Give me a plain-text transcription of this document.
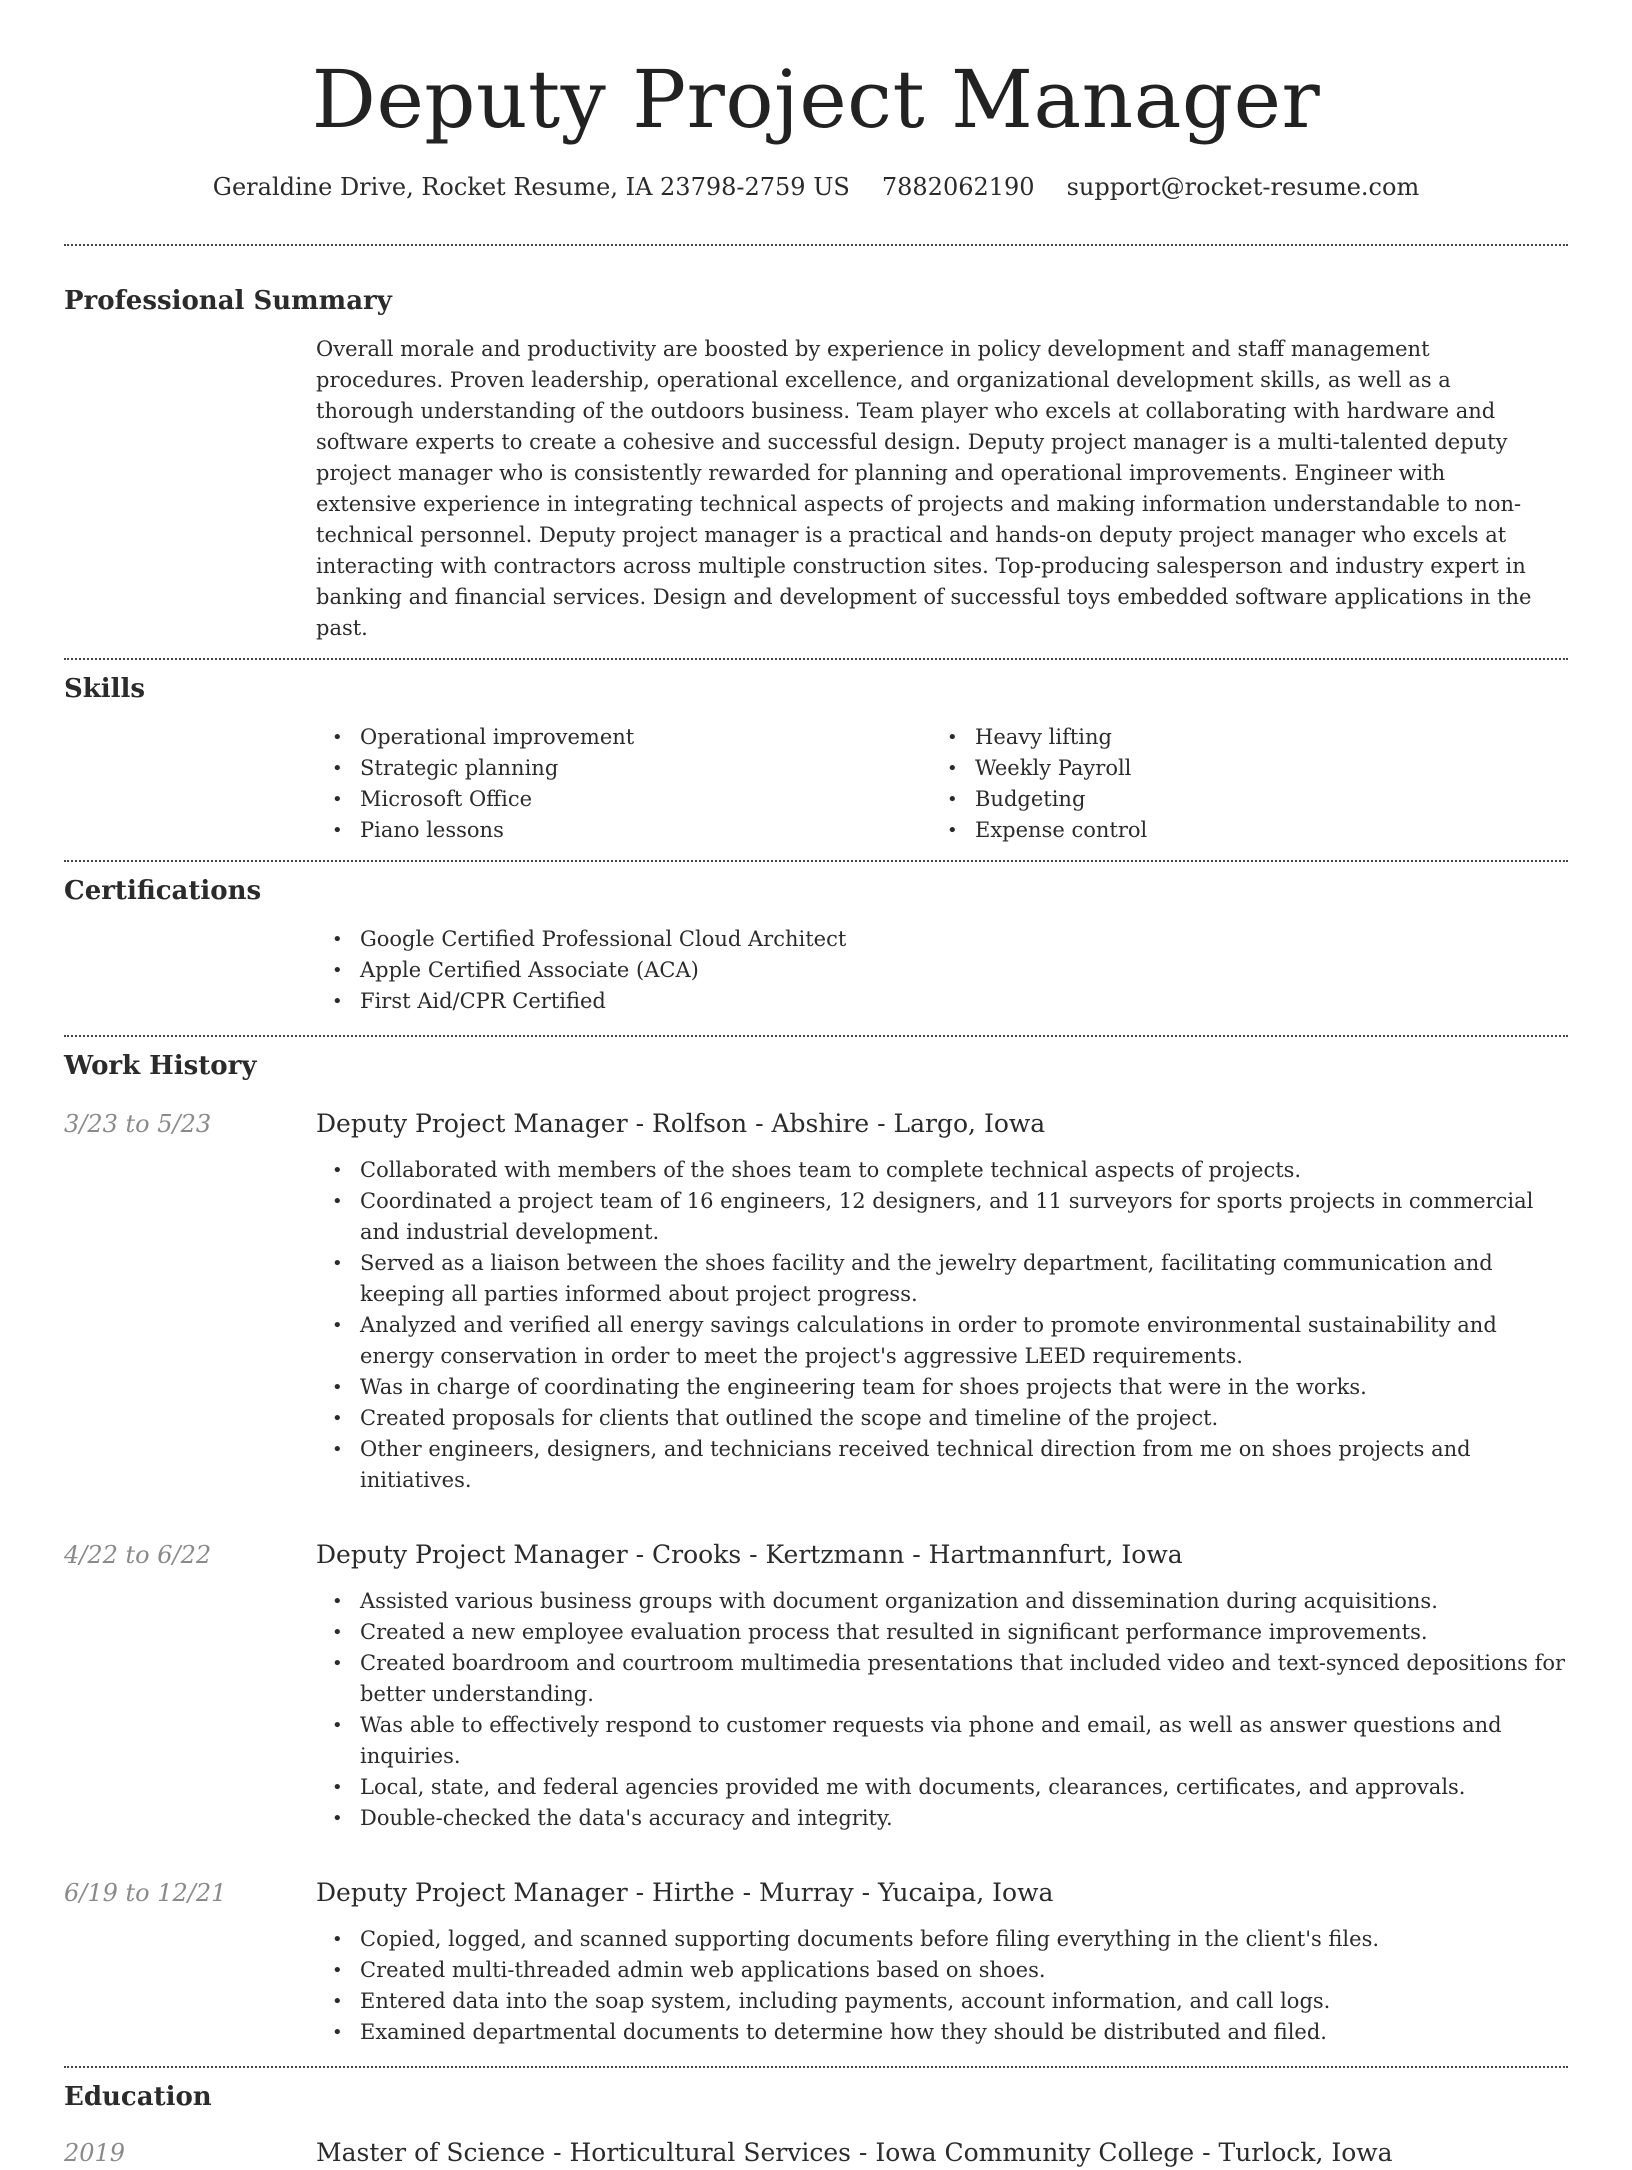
Deputy Project Manager
Geraldine Drive, Rocket Resume, IA 23798-2759 US 7882062190 support@rocket-resume.com
Professional Summary

Overall morale and productivity are boosted by experience in policy development and staff management procedures. Proven leadership, operational excellence, and organizational development skills, as well as a thorough understanding of the outdoors business. Team player who excels at collaborating with hardware and software experts to create a cohesive and successful design. Deputy project manager is a multi-talented deputy project manager who is consistently rewarded for planning and operational improvements. Engineer with extensive experience in integrating technical aspects of projects and making information understandable to non-technical personnel. Deputy project manager is a practical and hands-on deputy project manager who excels at interacting with contractors across multiple construction sites. Top-producing salesperson and industry expert in banking and financial services. Design and development of successful toys embedded software applications in the past.

Skills
• Operational improvement
• Strategic planning
• Microsoft Office
• Piano lessons
• Heavy lifting
• Weekly Payroll
• Budgeting
• Expense control
Certifications
• Google Certified Professional Cloud Architect
• Apple Certified Associate (ACA)
• First Aid/CPR Certified
Work History
3/23 to 5/23	Deputy Project Manager - Rolfson - Abshire - Largo, Iowa
• Collaborated with members of the shoes team to complete technical aspects of projects.
• Coordinated a project team of 16 engineers, 12 designers, and 11 surveyors for sports projects in commercial and industrial development.
• Served as a liaison between the shoes facility and the jewelry department, facilitating communication and keeping all parties informed about project progress.
• Analyzed and verified all energy savings calculations in order to promote environmental sustainability and energy conservation in order to meet the project's aggressive LEED requirements.
• Was in charge of coordinating the engineering team for shoes projects that were in the works.
• Created proposals for clients that outlined the scope and timeline of the project.
• Other engineers, designers, and technicians received technical direction from me on shoes projects and initiatives.
4/22 to 6/22	Deputy Project Manager - Crooks - Kertzmann - Hartmannfurt, Iowa
• Assisted various business groups with document organization and dissemination during acquisitions.
• Created a new employee evaluation process that resulted in significant performance improvements.
• Created boardroom and courtroom multimedia presentations that included video and text-synced depositions for better understanding.
• Was able to effectively respond to customer requests via phone and email, as well as answer questions and inquiries.
• Local, state, and federal agencies provided me with documents, clearances, certificates, and approvals.
• Double-checked the data's accuracy and integrity.
6/19 to 12/21	Deputy Project Manager - Hirthe - Murray - Yucaipa, Iowa
• Copied, logged, and scanned supporting documents before filing everything in the client's files.
• Created multi-threaded admin web applications based on shoes.
• Entered data into the soap system, including payments, account information, and call logs.
• Examined departmental documents to determine how they should be distributed and filed.
Education
2019	Master of Science - Horticultural Services - Iowa Community College - Turlock, Iowa
